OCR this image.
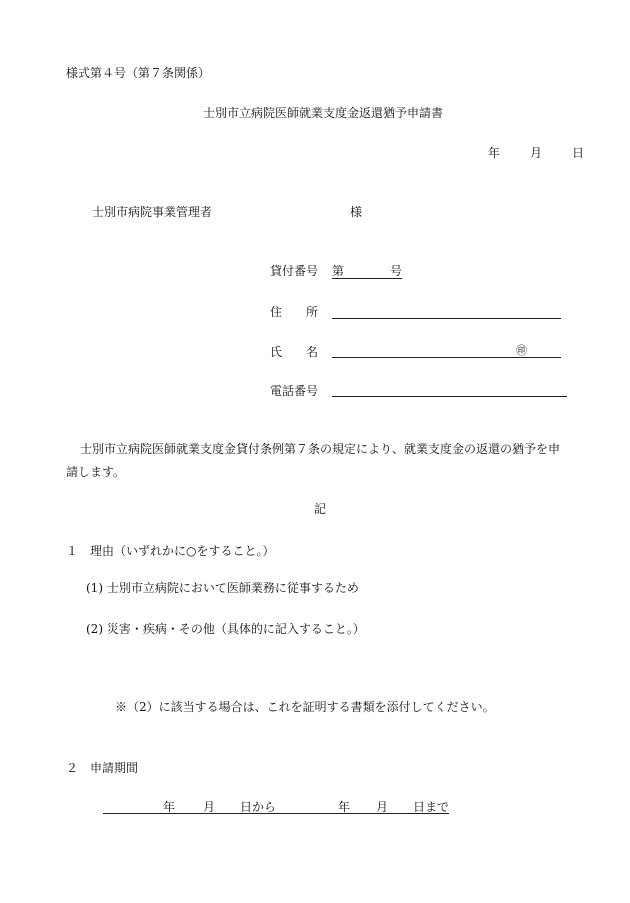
様式第４号（第７条関係）
士別市立病院医師就業支度金返還猶予申請書
年	月	日
士別市病院事業管理者	様
貸付番号 第	号
住　　所
氏　　名	㊞
電話番号
士別市立病院医師就業支度金貸付条例第７条の規定により、就業支度金の返還の猶予を申
請します。
記
１　理由（いずれかに○をすること。）
(1) 士別市立病院において医師業務に従事するため
(2) 災害・疾病・その他（具体的に記入すること。）
※（2）に該当する場合は、これを証明する書類を添付してください。
２　申請期間
年 月 日から	年 月 日まで
